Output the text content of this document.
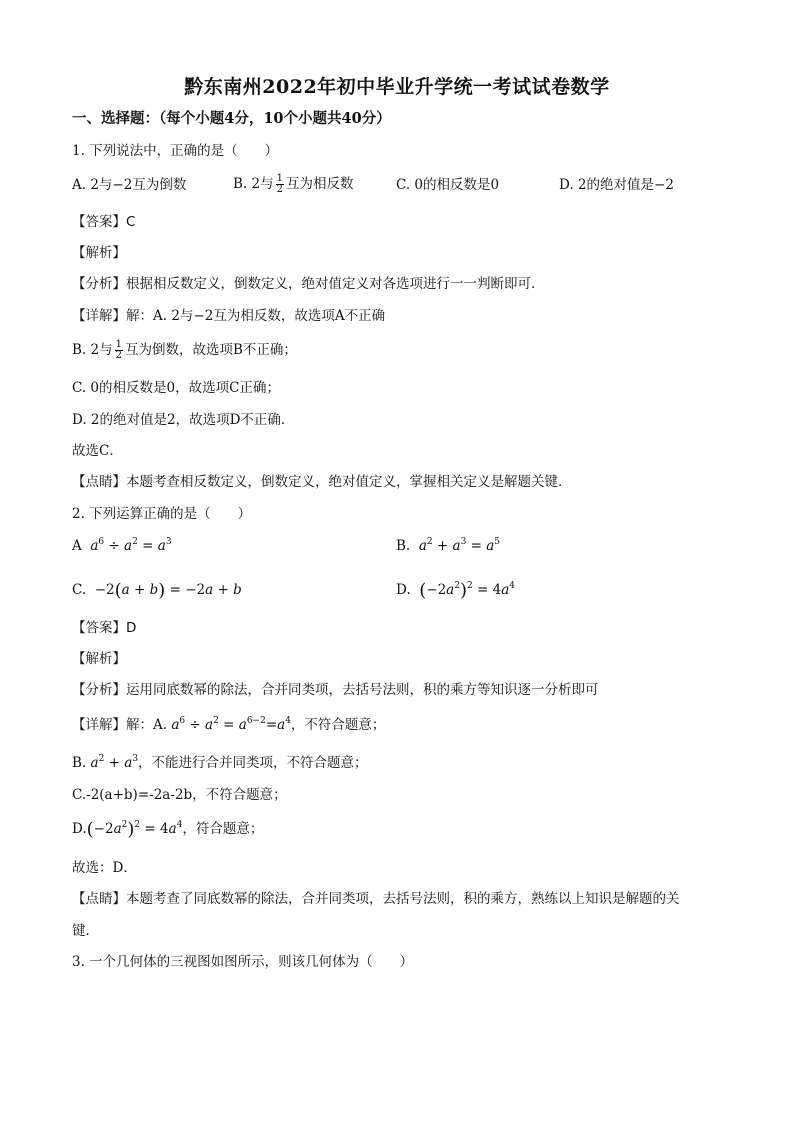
黔东南州2022年初中毕业升学统一考试试卷数学
一、选择题：（每个小题4分，10个小题共40分）
1. 下列说法中，正确的是（　　）
A. 2与−2互为倒数	B. 2与 $\frac{1}{2}$ 互为相反数	C. 0的相反数是0	D. 2的绝对值是−2
【答案】C
【解析】
【分析】根据相反数定义，倒数定义，绝对值定义对各选项进行一一判断即可．
【详解】解：A. 2与−2互为相反数，故选项A不正确
B. 2与 $\frac{1}{2}$ 互为倒数，故选项B不正确；
C. 0的相反数是0，故选项C正确；
D. 2的绝对值是2，故选项D不正确．
故选C．
【点睛】本题考查相反数定义，倒数定义，绝对值定义，掌握相关定义是解题关键．
2. 下列运算正确的是（　　）
A $a^6 \div a^2 = a^3$	B. $a^2 + a^3 = a^5$
C. −2(a + b) = −2a + b	D. $(-2a^2)^2 = 4a^4$
【答案】D
【解析】
【分析】运用同底数幂的除法，合并同类项，去括号法则，积的乘方等知识逐一分析即可
【详解】解：A. $a^6 \div a^2 = a^{6-2}=a^4$，不符合题意；
B. $a^2 + a^3$，不能进行合并同类项，不符合题意；
C.-2(a+b)=-2a-2b，不符合题意；
$D.(-2a^2)^2 = 4a^4$，符合题意；
故选：D．
【点睛】本题考查了同底数幂的除法，合并同类项，去括号法则，积的乘方，熟练以上知识是解题的关
键．
3. 一个几何体的三视图如图所示，则该几何体为（　　）
